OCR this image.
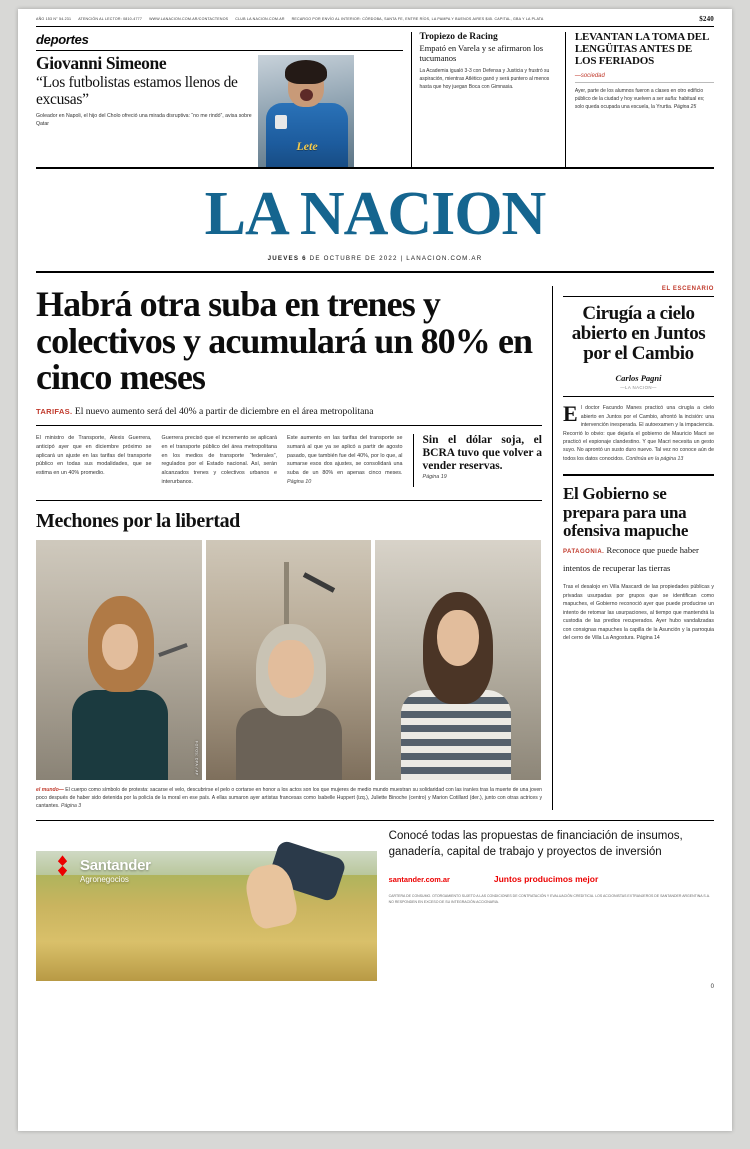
AÑO 153 N° 54.231 ATENCIÓN AL LECTOR: 0810-4777 WWW.LANACION.COM.AR/CONTACTENOS CLUB LA NACION.COM.AR RECARGO POR ENVÍO AL INTERIOR: CÓRDOBA, SANTA FE, ENTRE RÍOS, LA PAMPA Y BUENOS AIRES $45. CAPITAL, GBA Y LA PLATA	$240
deportes
Giovanni Simeone
“Los futbolistas estamos llenos de excusas”
Goleador en Napoli, el hijo del Cholo ofreció una mirada disruptiva: “no me rindó”, avisa sobre Qatar
Lete
Tropiezo de Racing
Empató en Varela y se afirmaron los tucumanos
La Academia igualó 3-3 con Defensa y Justicia y frustró su aspiración, mientras Atlético ganó y será puntero al menos hasta que hoy juegan Boca con Gimnasia.
LEVANTAN LA TOMA DEL LENGÜITAS ANTES DE LOS FERIADOS
—sociedad
Ayer, parte de los alumnos fueron a clases en otro edificio público de la ciudad y hoy vuelven a ser auña: habitual es; solo queda ocupada una escuela, la Yrurtia. Página 25
LA NACION
JUEVES 6 DE OCTUBRE DE 2022 | LANACION.COM.AR
Habrá otra suba en trenes y colectivos y acumulará un 80% en cinco meses
TARIFAS. El nuevo aumento será del 40% a partir de diciembre en el área metropolitana
El ministro de Transporte, Alexis Guerrera, anticipó ayer que en diciembre próximo se aplicará un ajuste en las tarifas del transporte público en todas sus modalidades, que se estima en un 40% promedio.
Guerrera precisó que el incremento se aplicará en el transporte público del área metropolitana en los medios de transporte “federales”, regulados por el Estado nacional. Así, serán alcanzados trenes y colectivos urbanos e interurbanos.
Este aumento en las tarifas del transporte se sumará al que ya se aplicó a partir de agosto pasado, que también fue del 40%, por lo que, al sumarse esos dos ajustes, se consolidará una suba de un 80% en apenas cinco meses. Página 10
Sin el dólar soja, el BCRA tuvo que volver a vender reservas.
Página 19
Mechones por la libertad
FOTOS: DPA / AP
el mundo— El cuerpo como símbolo de protesta: sacarse el velo, descubrirse el pelo o cortarse en honor a los actos son los que mujeres de medio mundo muestran su solidaridad con las iraníes tras la muerte de una joven poco después de haber sido detenida por la policía de la moral en ese país. A ellas sumaron ayer artistas francesas como Isabelle Huppert (izq.), Juliette Binoche (centro) y Marion Cotillard (der.), junto con otras actrices y cantantes. Página 3
EL ESCENARIO
Cirugía a cielo abierto en Juntos por el Cambio
Carlos Pagni
—LA NACION—
El doctor Facundo Manes practicó una cirugía a cielo abierto en Juntos por el Cambio, afrontó la incisión: una intervención inesperada. El autoexamen y la impaciencia. Recorrió lo obvio: que dejaría el gobierno de Mauricio Macri se practicó el espionaje clandestino. Y que Macri necesita un gesto suyo. No aprontó un susto duro nuevo. Tal vez no conoce aún de todos los datos conocidos. Continúa en la página 13
El Gobierno se prepara para una ofensiva mapuche
PATAGONIA. Reconoce que puede haber intentos de recuperar las tierras
Tras el desalojo en Villa Mascardi de las propiedades públicas y privadas usurpadas por grupos que se identifican como mapuches, el Gobierno reconoció ayer que puede producirse un intento de retomar las usurpaciones, al tiempo que mantendrá la custodia de las predios recuperados. Ayer hubo vandalizadas con consignas mapuches la capilla de la Asunción y la parroquia del cerro de Villa La Angostura. Página 14
Santander
Agronegocios
Conocé todas las propuestas de financiación de insumos, ganadería, capital de trabajo y proyectos de inversión
santander.com.ar	Juntos producimos mejor
CARTERA DE CONSUMO. OTORGAMIENTO SUJETO A LAS CONDICIONES DE CONTRATACIÓN Y EVALUACIÓN CREDITICIA. LOS ACCIONISTAS EXTRANJEROS DE SANTANDER ARGENTINA S.A. NO RESPONDEN EN EXCESO DE SU INTEGRACIÓN ACCIONARIA.
0
